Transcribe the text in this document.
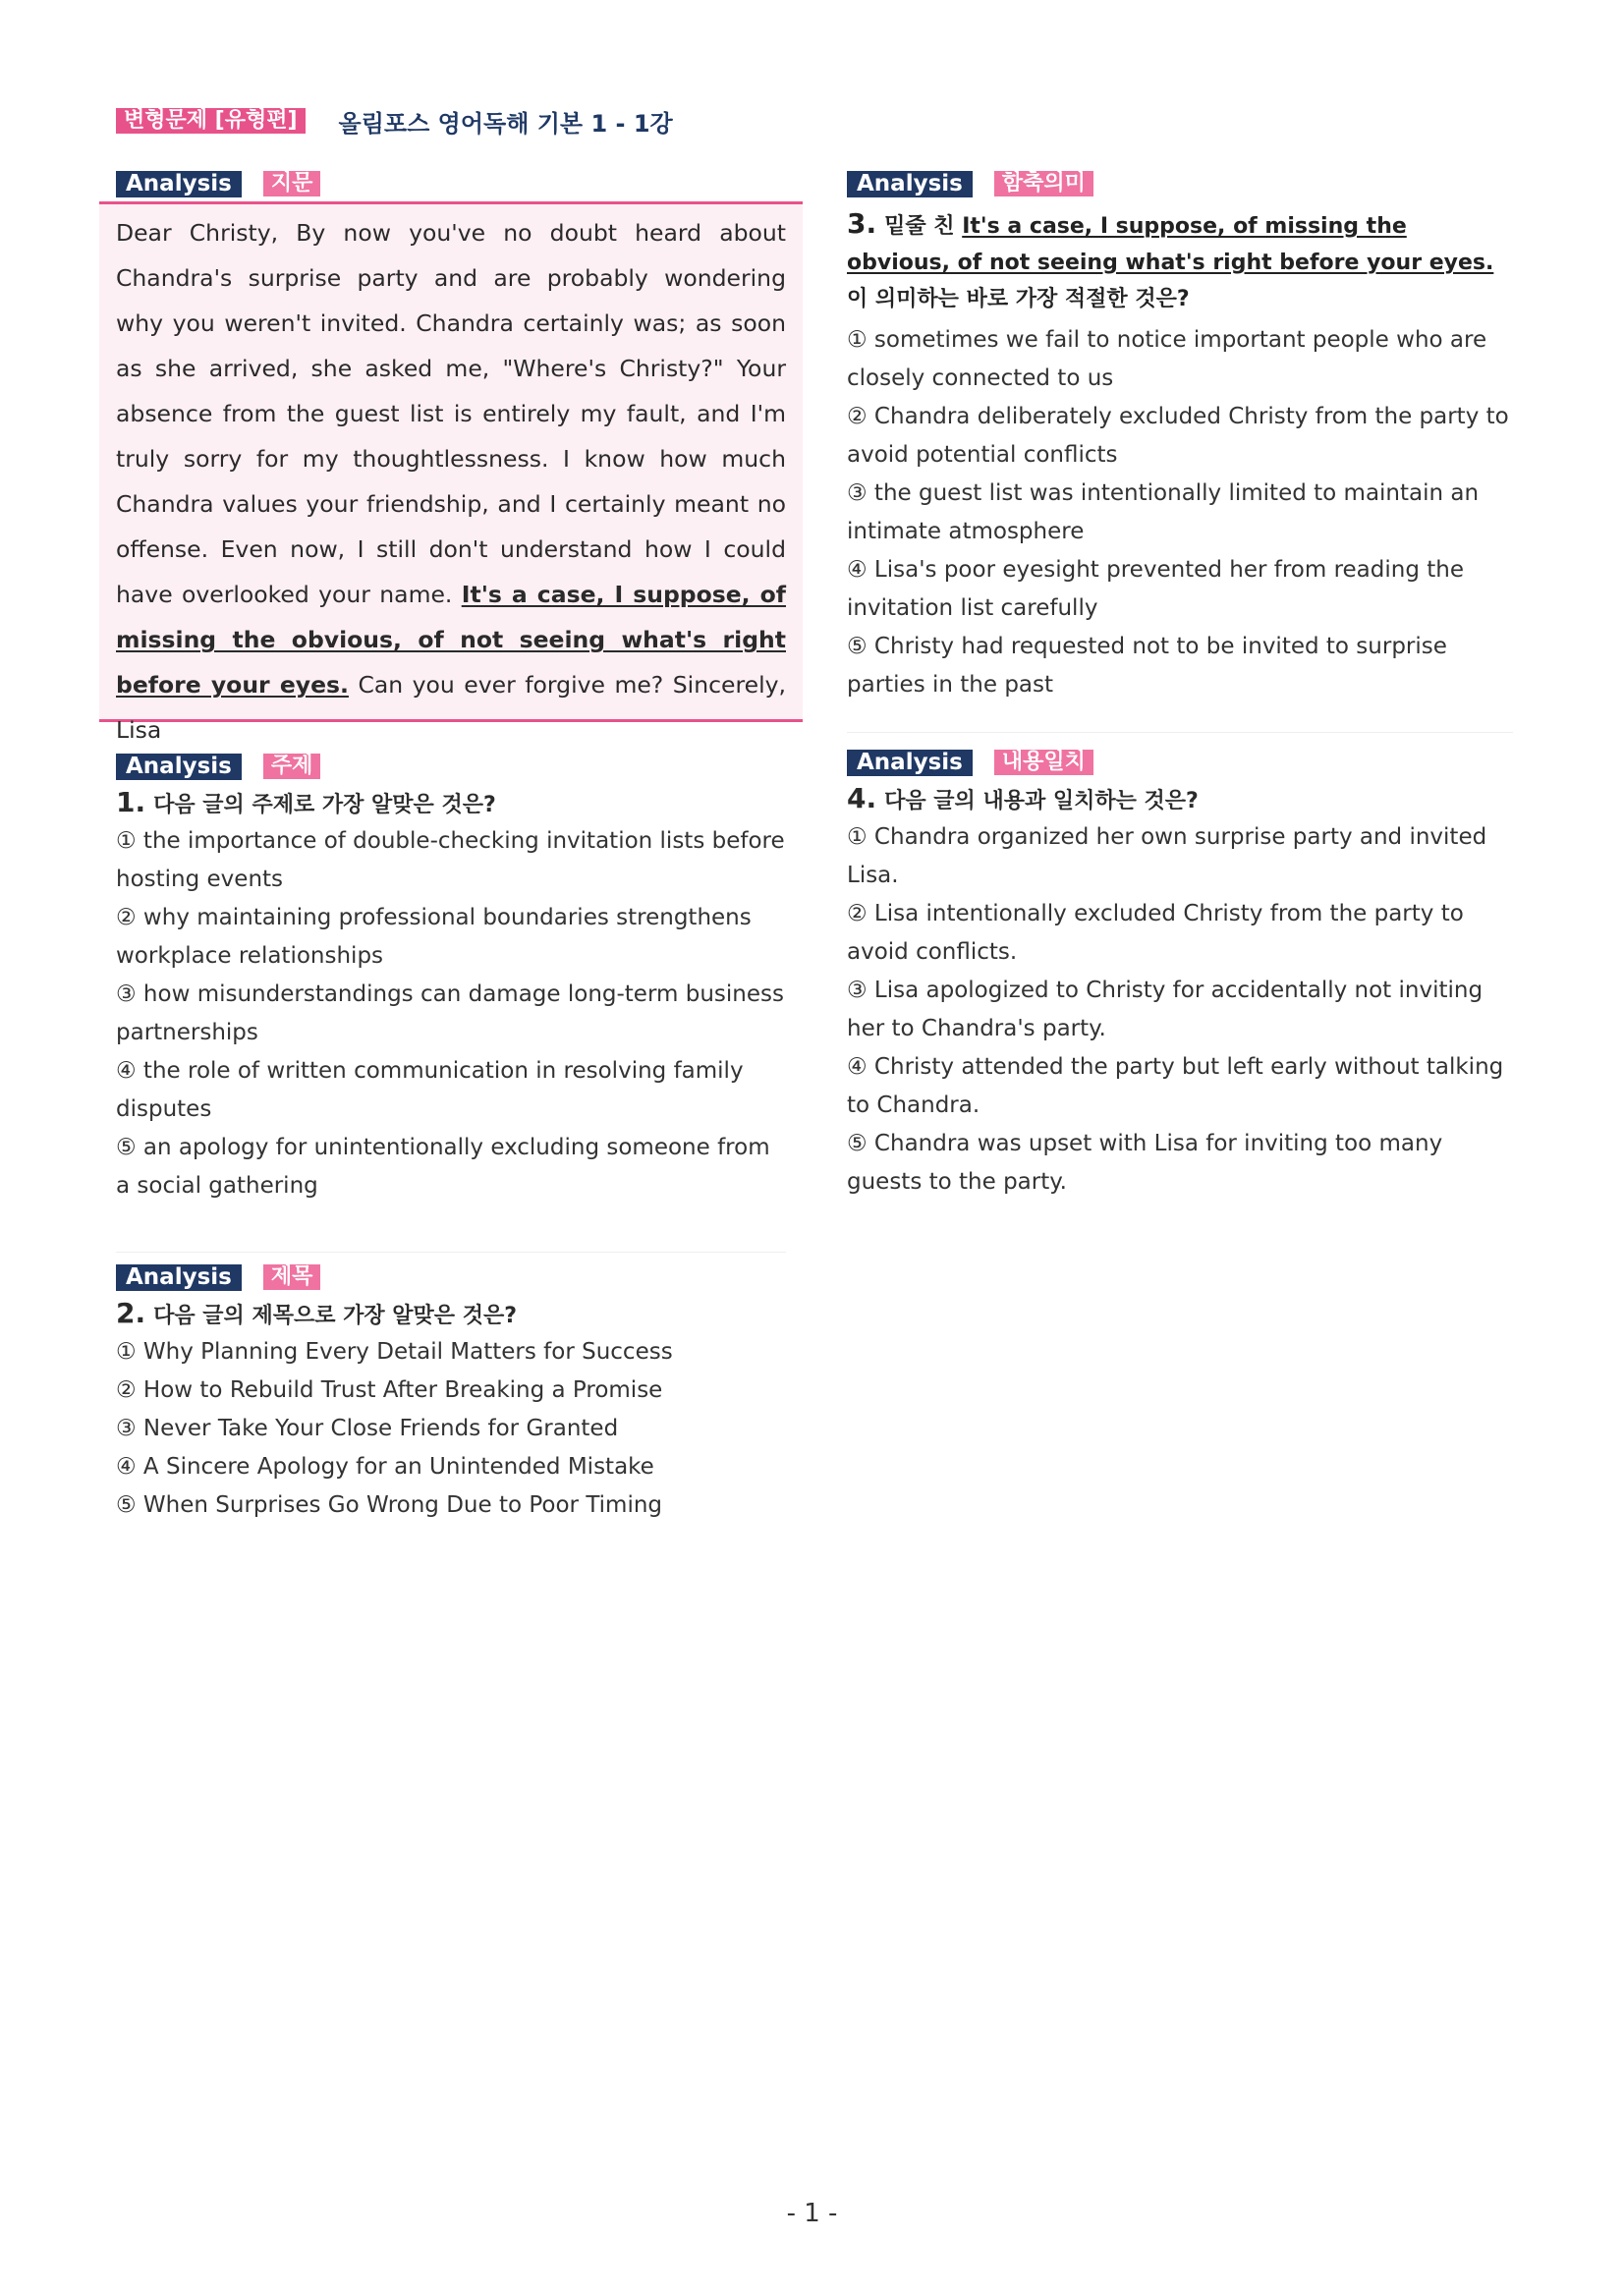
변형문제 [유형편]	올림포스 영어독해 기본 1 - 1강
Analysis	지문
Dear Christy, By now you've no doubt heard about Chandra's surprise party and are probably wondering why you weren't invited. Chandra certainly was; as soon as she arrived, she asked me, "Where's Christy?" Your absence from the guest list is entirely my fault, and I'm truly sorry for my thoughtlessness. I know how much Chandra values your friendship, and I certainly meant no offense. Even now, I still don't understand how I could have overlooked your name. It's a case, I suppose, of missing the obvious, of not seeing what's right before your eyes. Can you ever forgive me? Sincerely, Lisa
Analysis	주제
1. 다음 글의 주제로 가장 알맞은 것은?
① the importance of double-checking invitation lists before hosting events
② why maintaining professional boundaries strengthens workplace relationships
③ how misunderstandings can damage long-term business partnerships
④ the role of written communication in resolving family disputes
⑤ an apology for unintentionally excluding someone from a social gathering
Analysis	제목
2. 다음 글의 제목으로 가장 알맞은 것은?
① Why Planning Every Detail Matters for Success
② How to Rebuild Trust After Breaking a Promise
③ Never Take Your Close Friends for Granted
④ A Sincere Apology for an Unintended Mistake
⑤ When Surprises Go Wrong Due to Poor Timing
Analysis	함축의미
3. 밑줄 친 It's a case, I suppose, of missing the obvious, of not seeing what's right before your eyes.이 의미하는 바로 가장 적절한 것은?
① sometimes we fail to notice important people who are closely connected to us
② Chandra deliberately excluded Christy from the party to avoid potential conflicts
③ the guest list was intentionally limited to maintain an intimate atmosphere
④ Lisa's poor eyesight prevented her from reading the invitation list carefully
⑤ Christy had requested not to be invited to surprise parties in the past
Analysis	내용일치
4. 다음 글의 내용과 일치하는 것은?
① Chandra organized her own surprise party and invited Lisa.
② Lisa intentionally excluded Christy from the party to avoid conflicts.
③ Lisa apologized to Christy for accidentally not inviting her to Chandra's party.
④ Christy attended the party but left early without talking to Chandra.
⑤ Chandra was upset with Lisa for inviting too many guests to the party.
- 1 -
